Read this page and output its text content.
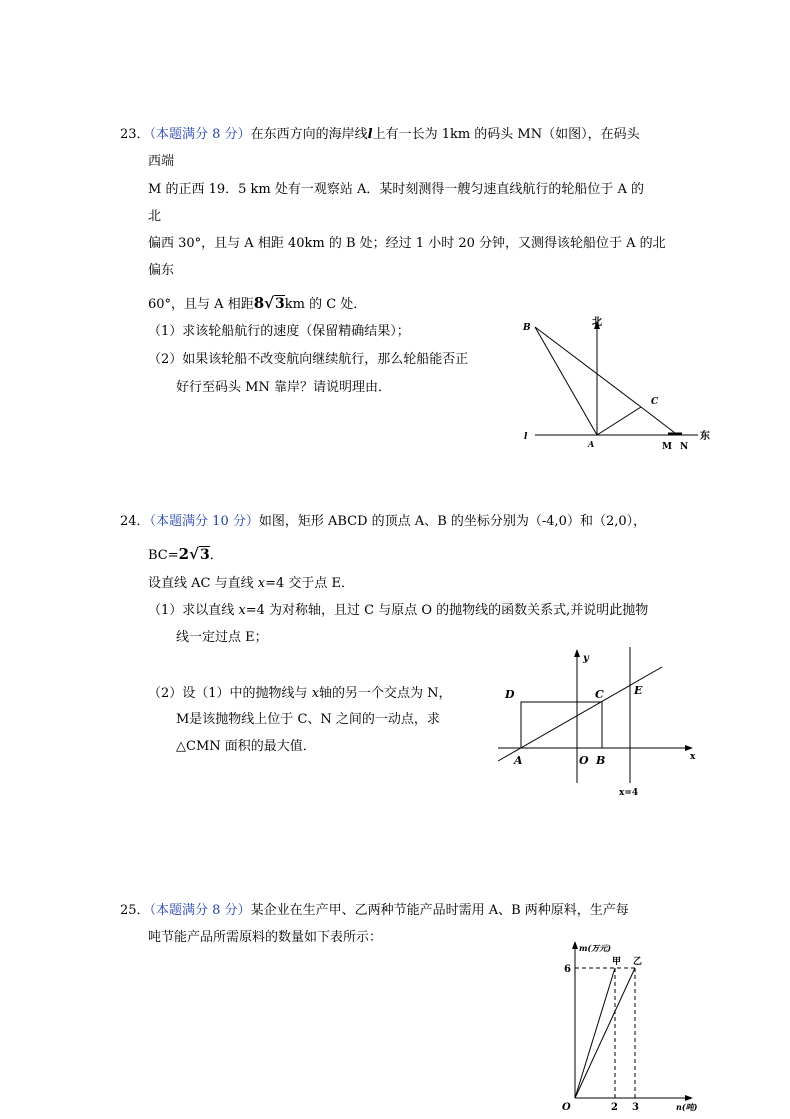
23．（本题满分 8 分）在东西方向的海岸线l上有一长为 1km 的码头 MN（如图），在码头
西端
M 的正西 19．5 km 处有一观察站 A．某时刻测得一艘匀速直线航行的轮船位于 A 的
北
偏西 30°，且与 A 相距 40km 的 B 处；经过 1 小时 20 分钟，又测得该轮船位于 A 的北
偏东
60°，且与 A 相距8√3km 的 C 处．
（1）求该轮船航行的速度（保留精确结果）；
（2）如果该轮船不改变航向继续航行，那么轮船能否正
好行至码头 MN 靠岸？请说明理由．
北
东
l
M N
B
C
A
24．（本题满分 10 分）如图，矩形 ABCD 的顶点 A、B 的坐标分别为（-4,0）和（2,0），
BC=2√3．
设直线 AC 与直线 x=4 交于点 E．
（1）求以直线 x=4 为对称轴，且过 C 与原点 O 的抛物线的函数关系式,并说明此抛物
线一定过点 E；
（2）设（1）中的抛物线与 x轴的另一个交点为 N，
M是该抛物线上位于 C、N 之间的一动点，求
△CMN 面积的最大值．
x
y
x=4
D	C	E
A	O B
25．（本题满分 8 分）某企业在生产甲、乙两种节能产品时需用 A、B 两种原料，生产每
吨节能产品所需原料的数量如下表所示：
m(万元)
n(吨)
6
2 3
O
甲 乙
